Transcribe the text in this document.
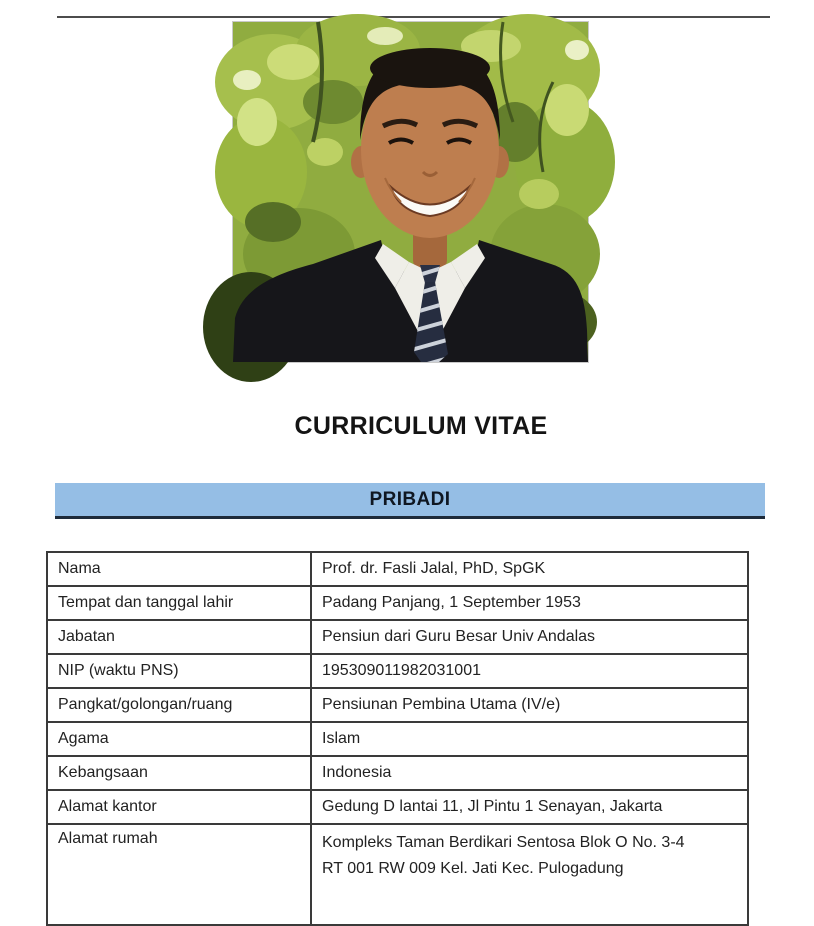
CURRICULUM VITAE
PRIBADI
Nama	Prof. dr. Fasli Jalal, PhD, SpGK
Tempat dan tanggal lahir	Padang Panjang, 1 September 1953
Jabatan	Pensiun dari Guru Besar Univ Andalas
NIP (waktu PNS)	195309011982031001
Pangkat/golongan/ruang	Pensiunan Pembina Utama (IV/e)
Agama	Islam
Kebangsaan	Indonesia
Alamat kantor	Gedung D lantai 11, Jl Pintu 1 Senayan, Jakarta
Alamat rumah	Kompleks Taman Berdikari Sentosa Blok O No. 3-4
RT 001 RW 009 Kel. Jati Kec. Pulogadung
